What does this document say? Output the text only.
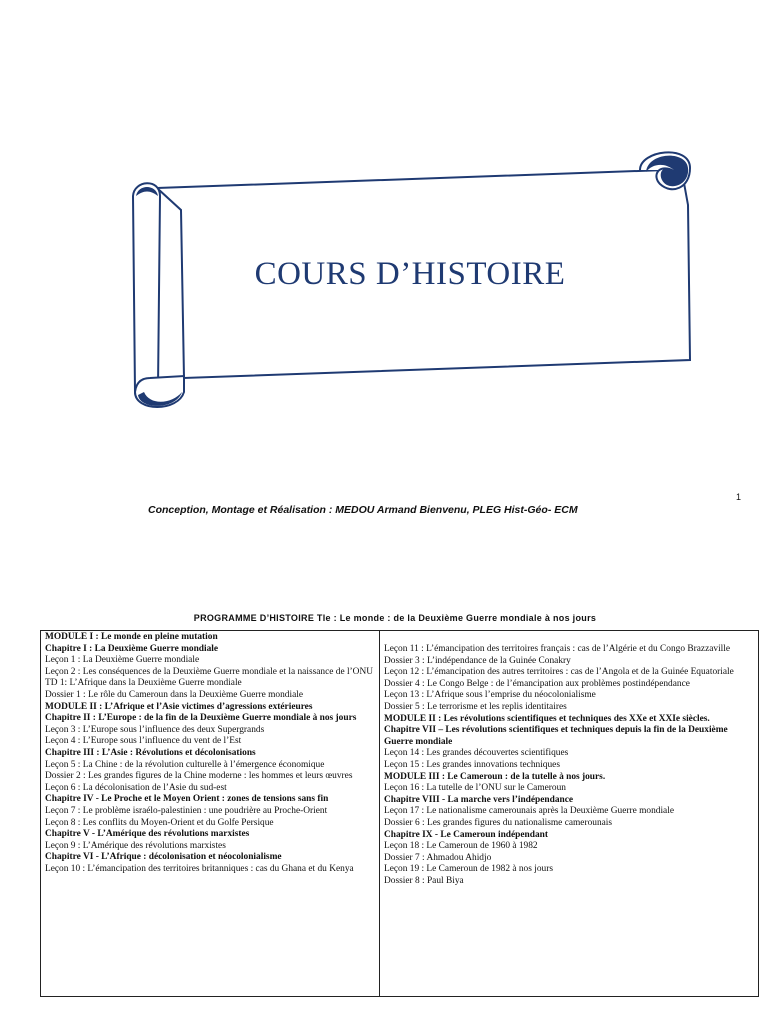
COURS D’HISTOIRE
1
Conception, Montage et Réalisation : MEDOU Armand Bienvenu, PLEG Hist-Géo- ECM
PROGRAMME D’HISTOIRE Tle : Le monde : de la Deuxième Guerre mondiale à nos jours

MODULE I : Le monde en pleine mutation

Chapitre I : La Deuxième Guerre mondiale

Leçon 1 : La Deuxième Guerre mondiale

Leçon 2 : Les conséquences de la Deuxième Guerre mondiale et la naissance de l’ONU

TD 1: L’Afrique dans la Deuxième Guerre mondiale

Dossier 1 : Le rôle du Cameroun dans la Deuxième Guerre mondiale

MODULE II : L’Afrique et l’Asie victimes d’agressions extérieures

Chapitre II : L’Europe : de la fin de la Deuxième Guerre mondiale à nos jours

Leçon 3 : L’Europe sous l’influence des deux Supergrands

Leçon 4 : L’Europe sous l’influence du vent de l’Est

Chapitre III : L’Asie : Révolutions et décolonisations

Leçon 5 : La Chine : de la révolution culturelle à l’émergence économique

Dossier 2 : Les grandes figures de la Chine moderne : les hommes et leurs œuvres

Leçon 6 : La décolonisation de l’Asie du sud-est

Chapitre IV - Le Proche et le Moyen Orient : zones de tensions sans fin

Leçon 7 : Le problème israélo-palestinien : une poudrière au Proche-Orient

Leçon 8 : Les conflits du Moyen-Orient et du Golfe Persique

Chapitre V - L’Amérique des révolutions marxistes

Leçon 9 : L’Amérique des révolutions marxistes

Chapitre VI - L’Afrique : décolonisation et néocolonialisme

Leçon 10 : L’émancipation des territoires britanniques : cas du Ghana et du Kenya

Leçon 11 : L’émancipation des territoires français : cas de l’Algérie et du Congo Brazzaville

Dossier 3 : L’indépendance de la Guinée Conakry

Leçon 12 : L’émancipation des autres territoires : cas de l’Angola et de la Guinée Equatoriale

Dossier 4 : Le Congo Belge : de l’émancipation aux problèmes postindépendance

Leçon 13 : L’Afrique sous l’emprise du néocolonialisme

Dossier 5 : Le terrorisme et les replis identitaires

MODULE II : Les révolutions scientifiques et techniques des XXe et XXIe siècles.

Chapitre VII – Les révolutions scientifiques et techniques depuis la fin de la Deuxième Guerre mondiale

Leçon 14 : Les grandes découvertes scientifiques

Leçon 15 : Les grandes innovations techniques

MODULE III : Le Cameroun : de la tutelle à nos jours.

Leçon 16 : La tutelle de l’ONU sur le Cameroun

Chapitre VIII - La marche vers l’indépendance

Leçon 17 : Le nationalisme camerounais après la Deuxième Guerre mondiale

Dossier 6 : Les grandes figures du nationalisme camerounais

Chapitre IX - Le Cameroun indépendant

Leçon 18 : Le Cameroun de 1960 à 1982

Dossier 7 : Ahmadou Ahidjo

Leçon 19 : Le Cameroun de 1982 à nos jours

Dossier 8 : Paul Biya
